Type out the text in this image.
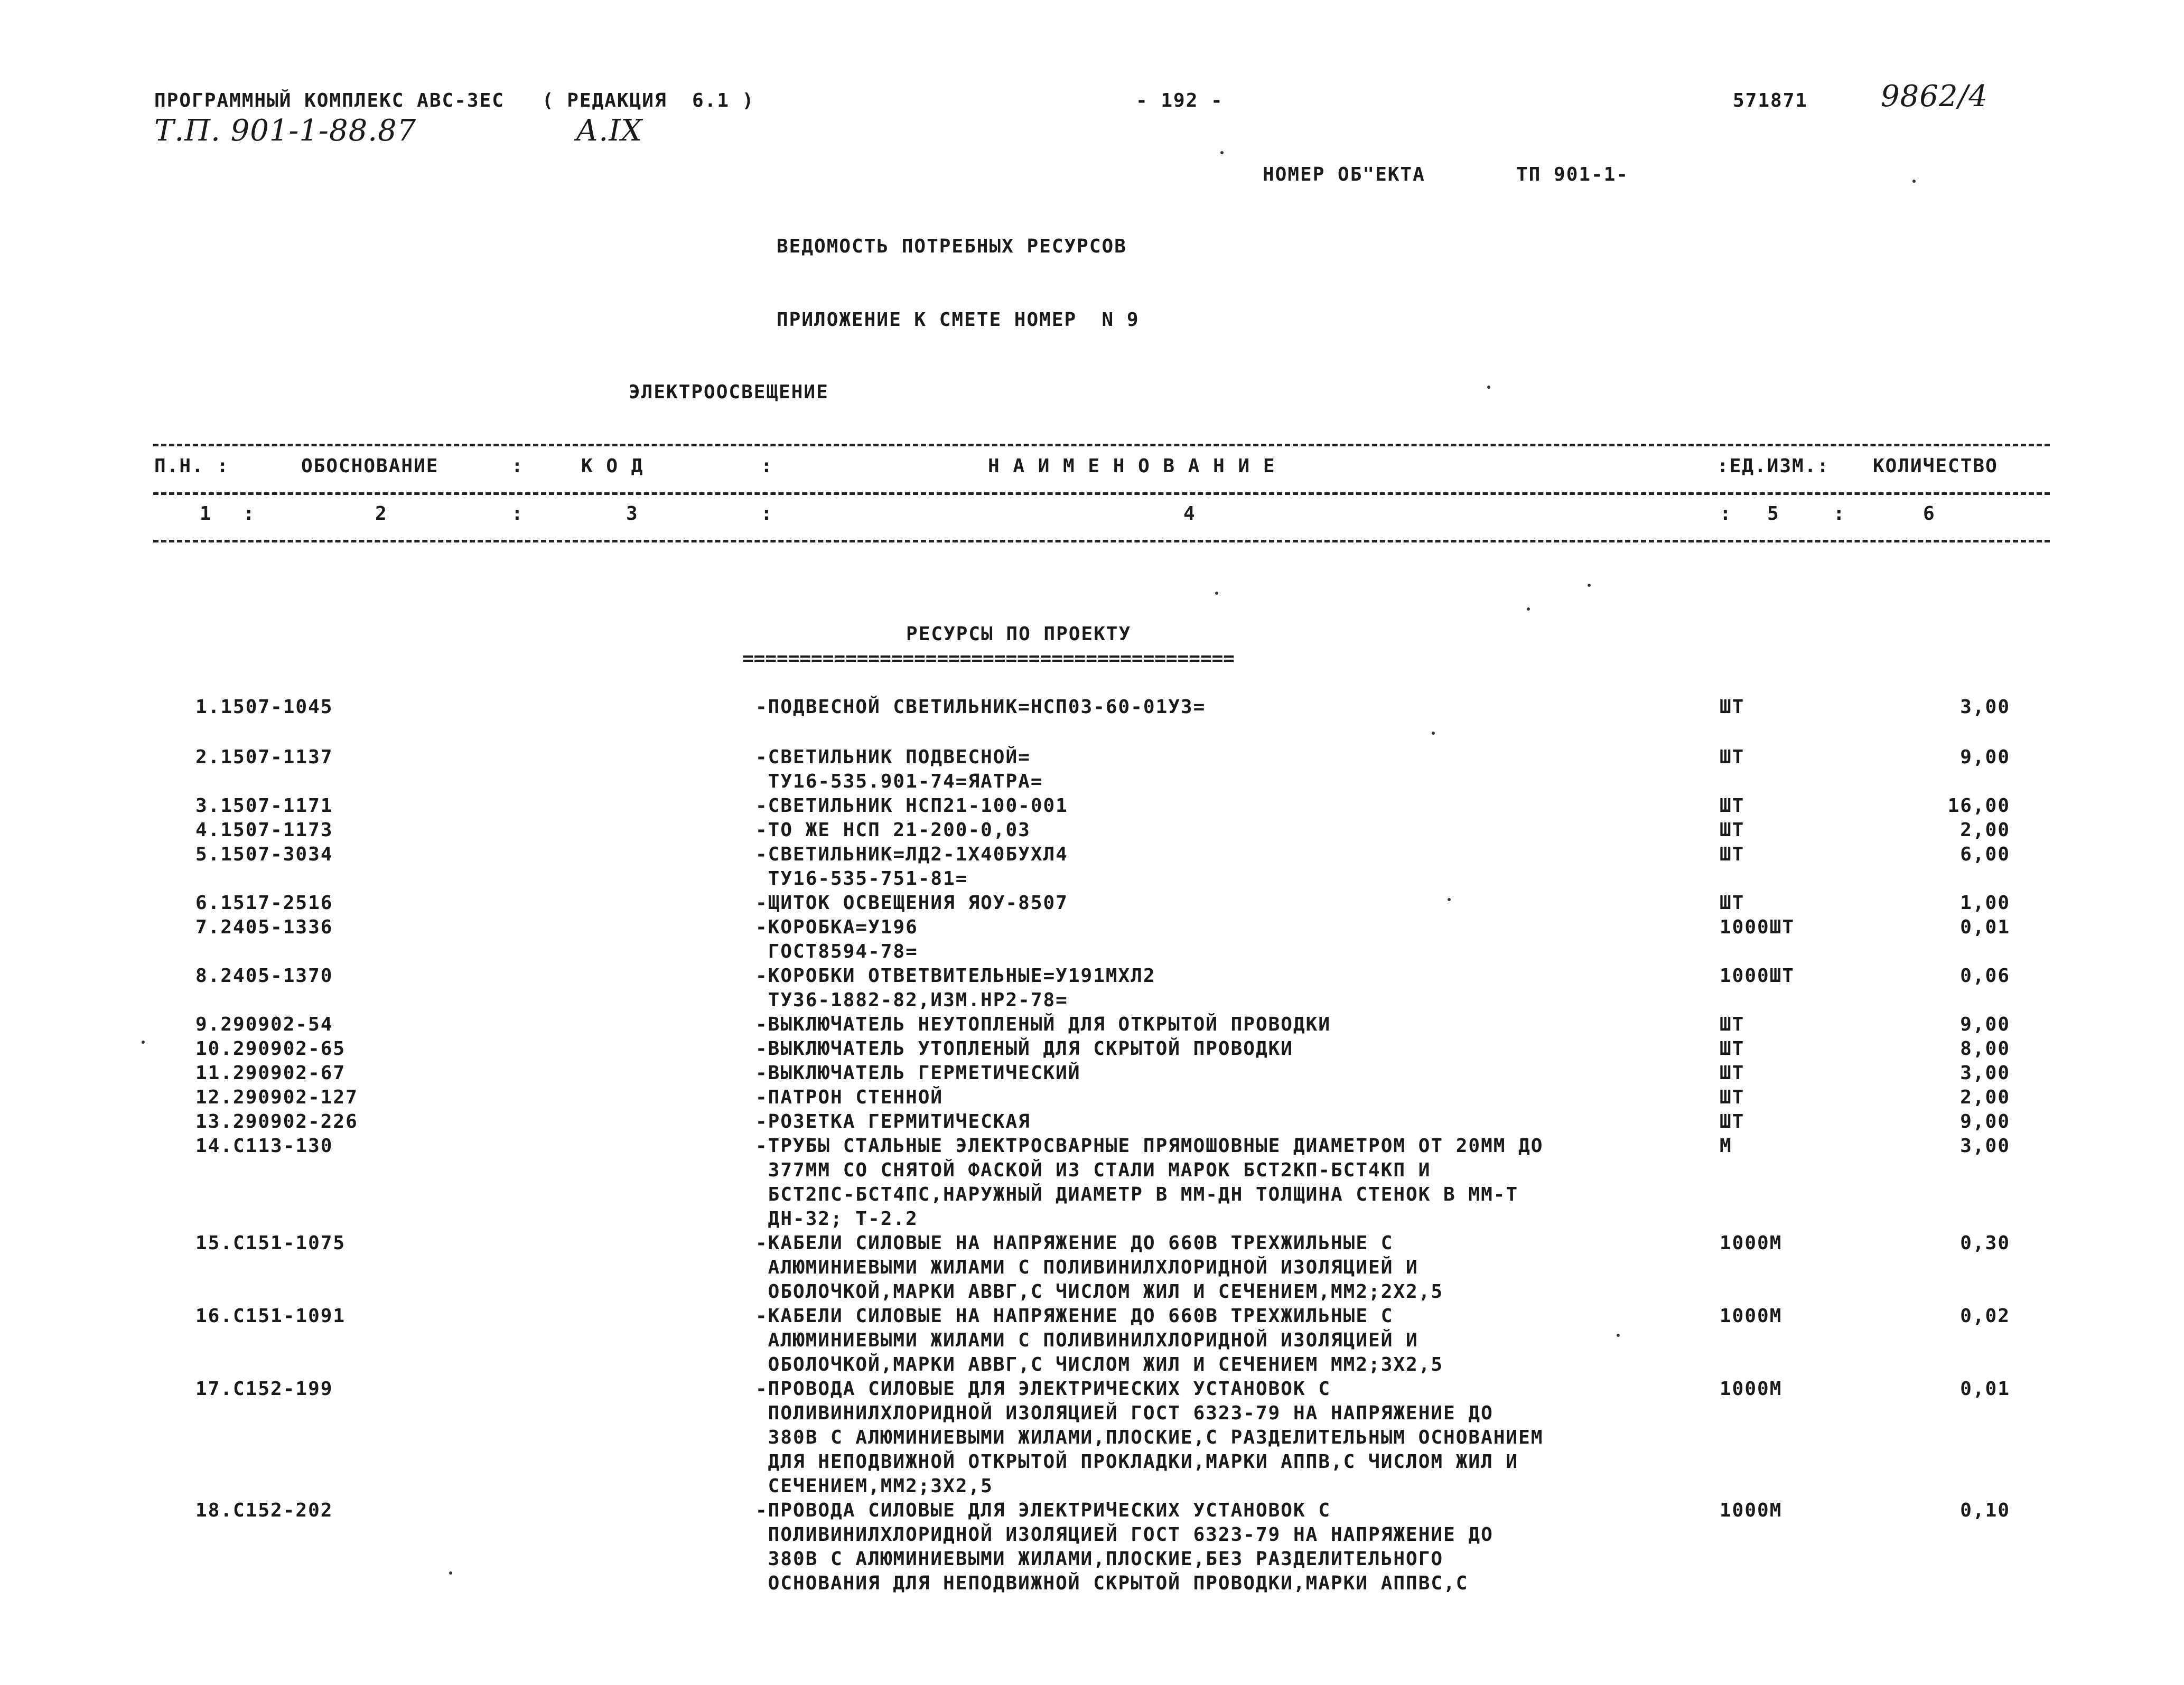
ПРОГРАММНЫЙ КОМПЛЕКС АВС-3ЕС   ( РЕДАКЦИЯ  6.1 )	- 192 -	571871 9862/4
Т.П. 901-1-88.87	А.IX
НОМЕР ОБ"ЕКТА	ТП 901-1-
ВЕДОМОСТЬ ПОТРЕБНЫХ РЕСУРСОВ
ПРИЛОЖЕНИЕ К СМЕТЕ НОМЕР  N 9
ЭЛЕКТРООСВЕЩЕНИЕ
П.Н. :	ОБОСНОВАНИЕ	:	К О Д	:	Н А И М Е Н О В А Н И Е	:ЕД.ИЗМ.: КОЛИЧЕСТВО
1 :	2	:	3	:	4	: 5	:	6
РЕСУРСЫ ПО ПРОЕКТУ
===========================================
1.1507-1045	-ПОДВЕСНОЙ СВЕТИЛЬНИК=НСП03-60-01У3=	ШТ	3,00
2.1507-1137	-СВЕТИЛЬНИК ПОДВЕСНОЙ=
ТУ16-535.901-74=ЯАТРА=
ШТ	9,00
3.1507-1171	-СВЕТИЛЬНИК НСП21-100-001	ШТ	16,00
4.1507-1173	-ТО ЖЕ НСП 21-200-0,03	ШТ	2,00
5.1507-3034	-СВЕТИЛЬНИК=ЛД2-1Х40БУХЛ4
ТУ16-535-751-81=
ШТ	6,00
6.1517-2516	-ЩИТОК ОСВЕЩЕНИЯ ЯОУ-8507	ШТ	1,00
7.2405-1336	-КОРОБКА=У196
ГОСТ8594-78=
1000ШТ	0,01
8.2405-1370	-КОРОБКИ ОТВЕТВИТЕЛЬНЫЕ=У191МХЛ2
ТУ36-1882-82,ИЗМ.НР2-78=
1000ШТ	0,06
9.290902-54	-ВЫКЛЮЧАТЕЛЬ НЕУТОПЛЕНЫЙ ДЛЯ ОТКРЫТОЙ ПРОВОДКИ	ШТ	9,00
10.290902-65	-ВЫКЛЮЧАТЕЛЬ УТОПЛЕНЫЙ ДЛЯ СКРЫТОЙ ПРОВОДКИ	ШТ	8,00
11.290902-67	-ВЫКЛЮЧАТЕЛЬ ГЕРМЕТИЧЕСКИЙ	ШТ	3,00
12.290902-127	-ПАТРОН СТЕННОЙ	ШТ	2,00
13.290902-226	-РОЗЕТКА ГЕРМИТИЧЕСКАЯ	ШТ	9,00
14.С113-130	-ТРУБЫ СТАЛЬНЫЕ ЭЛЕКТРОСВАРНЫЕ ПРЯМОШОВНЫЕ ДИАМЕТРОМ ОТ 20ММ ДО
377ММ СО СНЯТОЙ ФАСКОЙ ИЗ СТАЛИ МАРОК БСТ2КП-БСТ4КП И
БСТ2ПС-БСТ4ПС,НАРУЖНЫЙ ДИАМЕТР В ММ-ДН ТОЛЩИНА СТЕНОК В ММ-Т
ДН-32; Т-2.2
М	3,00
15.С151-1075	-КАБЕЛИ СИЛОВЫЕ НА НАПРЯЖЕНИЕ ДО 660В ТРЕХЖИЛЬНЫЕ С
АЛЮМИНИЕВЫМИ ЖИЛАМИ С ПОЛИВИНИЛХЛОРИДНОЙ ИЗОЛЯЦИЕЙ И
ОБОЛОЧКОЙ,МАРКИ АВВГ,С ЧИСЛОМ ЖИЛ И СЕЧЕНИЕМ,ММ2;2Х2,5
1000М	0,30
16.С151-1091	-КАБЕЛИ СИЛОВЫЕ НА НАПРЯЖЕНИЕ ДО 660В ТРЕХЖИЛЬНЫЕ С
АЛЮМИНИЕВЫМИ ЖИЛАМИ С ПОЛИВИНИЛХЛОРИДНОЙ ИЗОЛЯЦИЕЙ И
ОБОЛОЧКОЙ,МАРКИ АВВГ,С ЧИСЛОМ ЖИЛ И СЕЧЕНИЕМ ММ2;3Х2,5
1000М	0,02
17.С152-199	-ПРОВОДА СИЛОВЫЕ ДЛЯ ЭЛЕКТРИЧЕСКИХ УСТАНОВОК С
ПОЛИВИНИЛХЛОРИДНОЙ ИЗОЛЯЦИЕЙ ГОСТ 6323-79 НА НАПРЯЖЕНИЕ ДО
380В С АЛЮМИНИЕВЫМИ ЖИЛАМИ,ПЛОСКИЕ,С РАЗДЕЛИТЕЛЬНЫМ ОСНОВАНИЕМ
ДЛЯ НЕПОДВИЖНОЙ ОТКРЫТОЙ ПРОКЛАДКИ,МАРКИ АППВ,С ЧИСЛОМ ЖИЛ И
СЕЧЕНИЕМ,ММ2;3Х2,5
1000М	0,01
18.С152-202	-ПРОВОДА СИЛОВЫЕ ДЛЯ ЭЛЕКТРИЧЕСКИХ УСТАНОВОК С
ПОЛИВИНИЛХЛОРИДНОЙ ИЗОЛЯЦИЕЙ ГОСТ 6323-79 НА НАПРЯЖЕНИЕ ДО
380В С АЛЮМИНИЕВЫМИ ЖИЛАМИ,ПЛОСКИЕ,БЕЗ РАЗДЕЛИТЕЛЬНОГО
ОСНОВАНИЯ ДЛЯ НЕПОДВИЖНОЙ СКРЫТОЙ ПРОВОДКИ,МАРКИ АППВС,С
1000М	0,10
